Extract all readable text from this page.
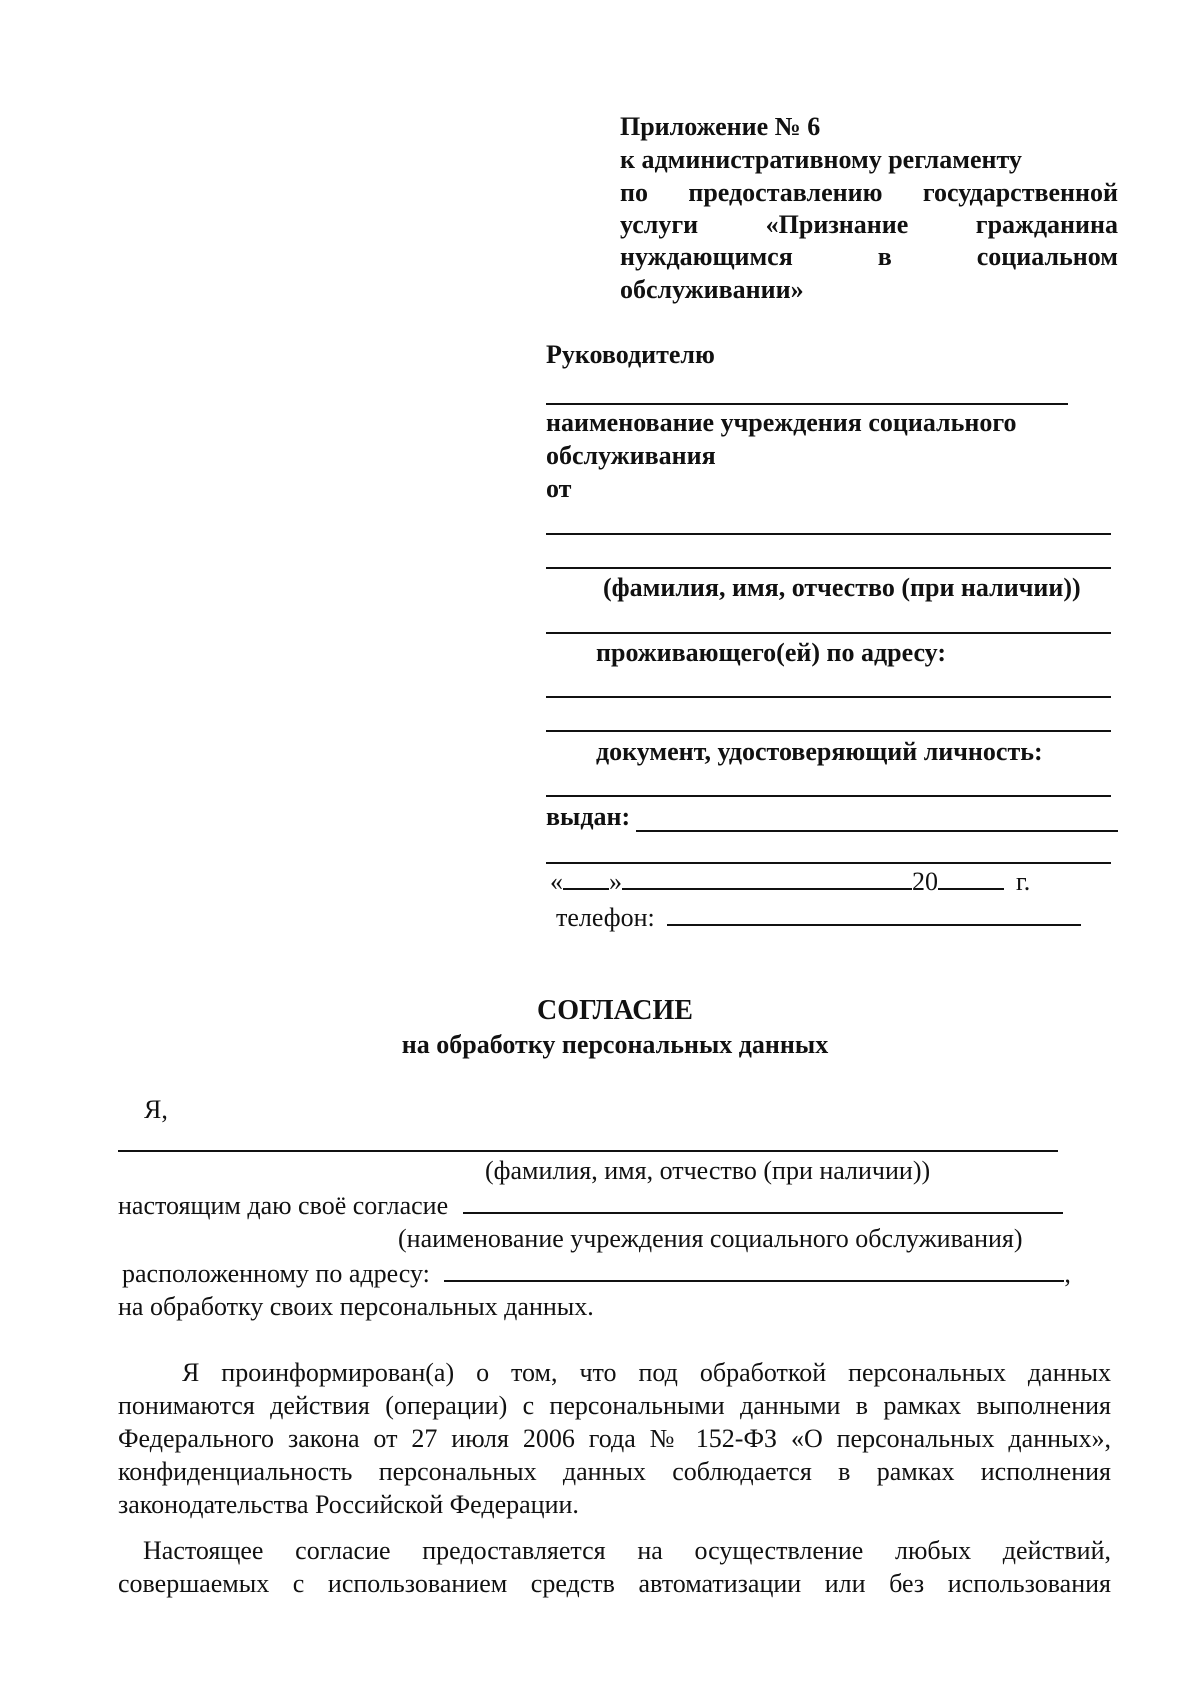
Приложение № 6
к административному регламенту
по предоставлению государственной
услуги «Признание гражданина
нуждающимся в социальном
обслуживании»
Руководителю
наименование учреждения социального
обслуживания
от
(фамилия, имя, отчество (при наличии))
проживающего(ей) по адресу:
документ, удостоверяющий личность:
выдан:
« »	20	г.
телефон:
СОГЛАСИЕ
на обработку персональных данных
Я,
(фамилия, имя, отчество (при наличии))
настоящим даю своё согласие
(наименование учреждения социального обслуживания)
расположенному по адресу:	,
на обработку своих персональных данных.
Я проинформирован(а) о том, что под обработкой персональных данных
понимаются действия (операции) с персональными данными в рамках выполнения
Федерального закона от 27 июля 2006 года № 152-ФЗ «О персональных данных»,
конфиденциальность персональных данных соблюдается в рамках исполнения
законодательства Российской Федерации.
Настоящее согласие предоставляется на осуществление любых действий,
совершаемых с использованием средств автоматизации или без использования
